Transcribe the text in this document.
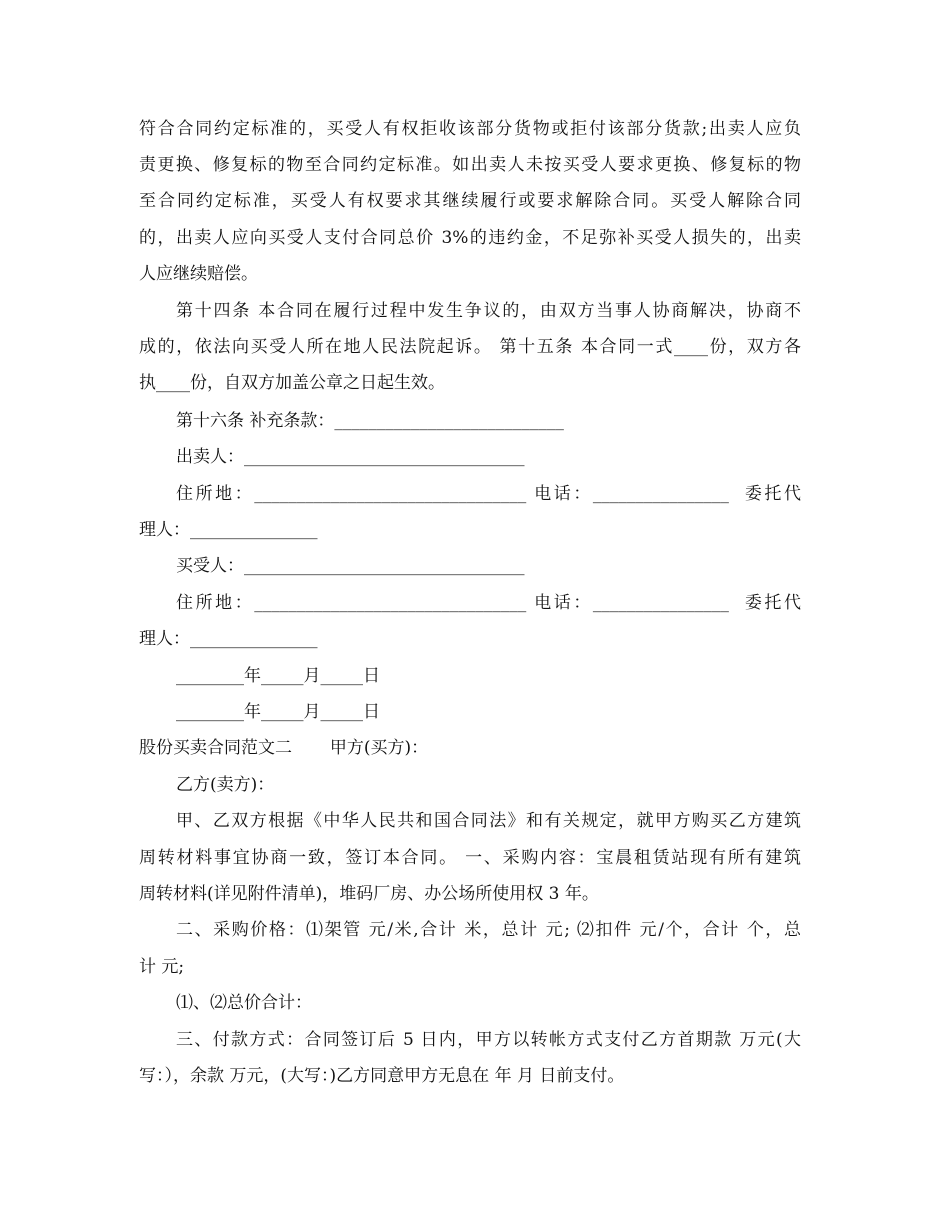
符合合同约定标准的，买受人有权拒收该部分货物或拒付该部分货款;出卖人应负
责更换、修复标的物至合同约定标准。如出卖人未按买受人要求更换、修复标的物
至合同约定标准，买受人有权要求其继续履行或要求解除合同。买受人解除合同
的，出卖人应向买受人支付合同总价 3%的违约金，不足弥补买受人损失的，出卖
人应继续赔偿。
第十四条 本合同在履行过程中发生争议的，由双方当事人协商解决，协商不
成的，依法向买受人所在地人民法院起诉。 第十五条 本合同一式____份，双方各
执____份，自双方加盖公章之日起生效。
第十六条 补充条款：___________________________
出卖人：_________________________________
住所地：________________________________ 电话：________________  委托代
理人：_______________
买受人：_________________________________
住所地：________________________________ 电话：________________  委托代
理人：_______________
________年_____月_____日
________年_____月_____日
股份买卖合同范文二       甲方(买方)：
乙方(卖方)：
甲、乙双方根据《中华人民共和国合同法》和有关规定，就甲方购买乙方建筑
周转材料事宜协商一致，签订本合同。 一、采购内容：宝晨租赁站现有所有建筑
周转材料(详见附件清单)，堆码厂房、办公场所使用权 3 年。
二、采购价格：⑴架管 元/米,合计 米，总计 元; ⑵扣件 元/个，合计 个，总
计 元;
⑴、⑵总价合计：
三、付款方式：合同签订后 5 日内，甲方以转帐方式支付乙方首期款 万元(大
写：），余款 万元，(大写：)乙方同意甲方无息在 年 月 日前支付。
